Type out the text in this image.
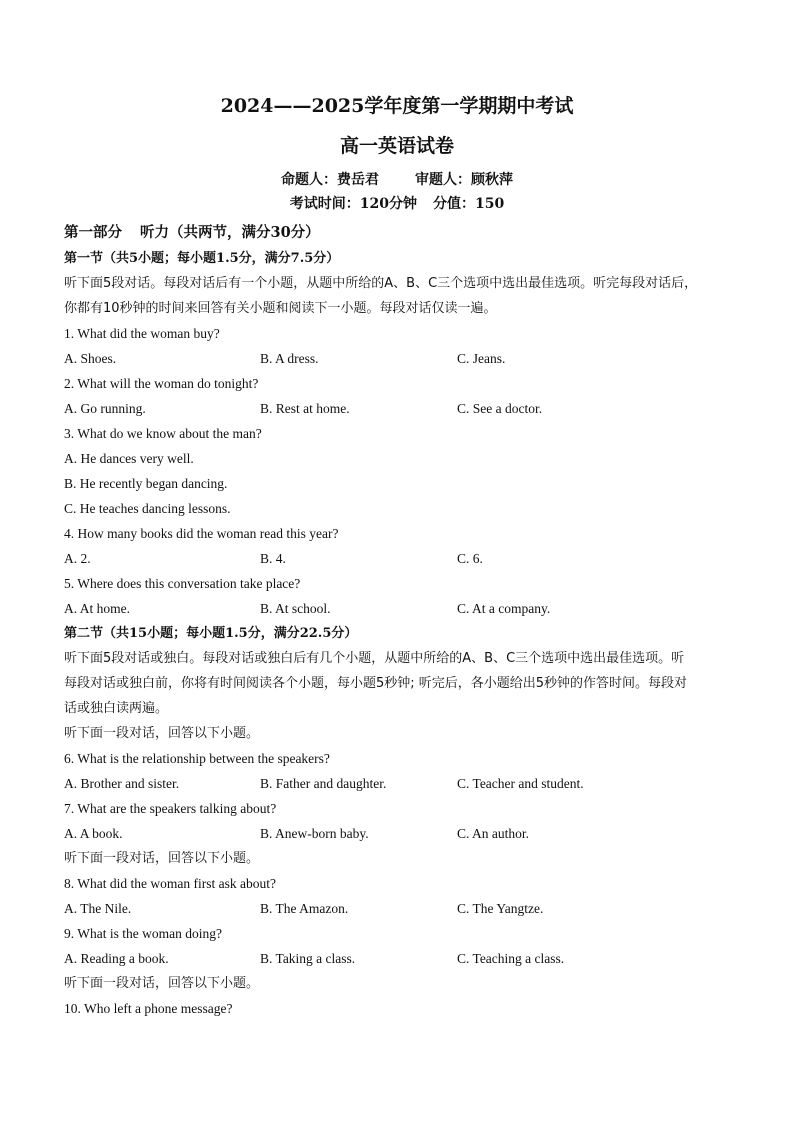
2024——2025学年度第一学期期中考试

高一英语试卷

命题人：费岳君	审题人：顾秋萍

考试时间：120分钟 分值：150

第一部分 听力（共两节，满分30分）

第一节（共5小题；每小题1.5分，满分7.5分）

听下面5段对话。每段对话后有一个小题，从题中所给的A、B、C三个选项中选出最佳选项。听完每段对话后，

你都有10秒钟的时间来回答有关小题和阅读下一小题。每段对话仅读一遍。

1. What did the woman buy?

A. Shoes.	B. A dress.	C. Jeans.

2. What will the woman do tonight?

A. Go running.	B. Rest at home.	C. See a doctor.

3. What do we know about the man?

A. He dances very well.

B. He recently began dancing.

C. He teaches dancing lessons.

4. How many books did the woman read this year?

A. 2.	B. 4.	C. 6.

5. Where does this conversation take place?

A. At home.	B. At school.	C. At a company.

第二节（共15小题；每小题1.5分，满分22.5分）

听下面5段对话或独白。每段对话或独白后有几个小题，从题中所给的A、B、C三个选项中选出最佳选项。听

每段对话或独白前，你将有时间阅读各个小题，每小题5秒钟; 听完后，各小题给出5秒钟的作答时间。每段对

话或独白读两遍。

听下面一段对话，回答以下小题。

6. What is the relationship between the speakers?

A. Brother and sister.	B. Father and daughter.	C. Teacher and student.

7. What are the speakers talking about?

A. A book.	B. Anew-born baby.	C. An author.

听下面一段对话，回答以下小题。

8. What did the woman first ask about?

A. The Nile.	B. The Amazon.	C. The Yangtze.

9. What is the woman doing?

A. Reading a book.	B. Taking a class.	C. Teaching a class.

听下面一段对话，回答以下小题。

10. Who left a phone message?
